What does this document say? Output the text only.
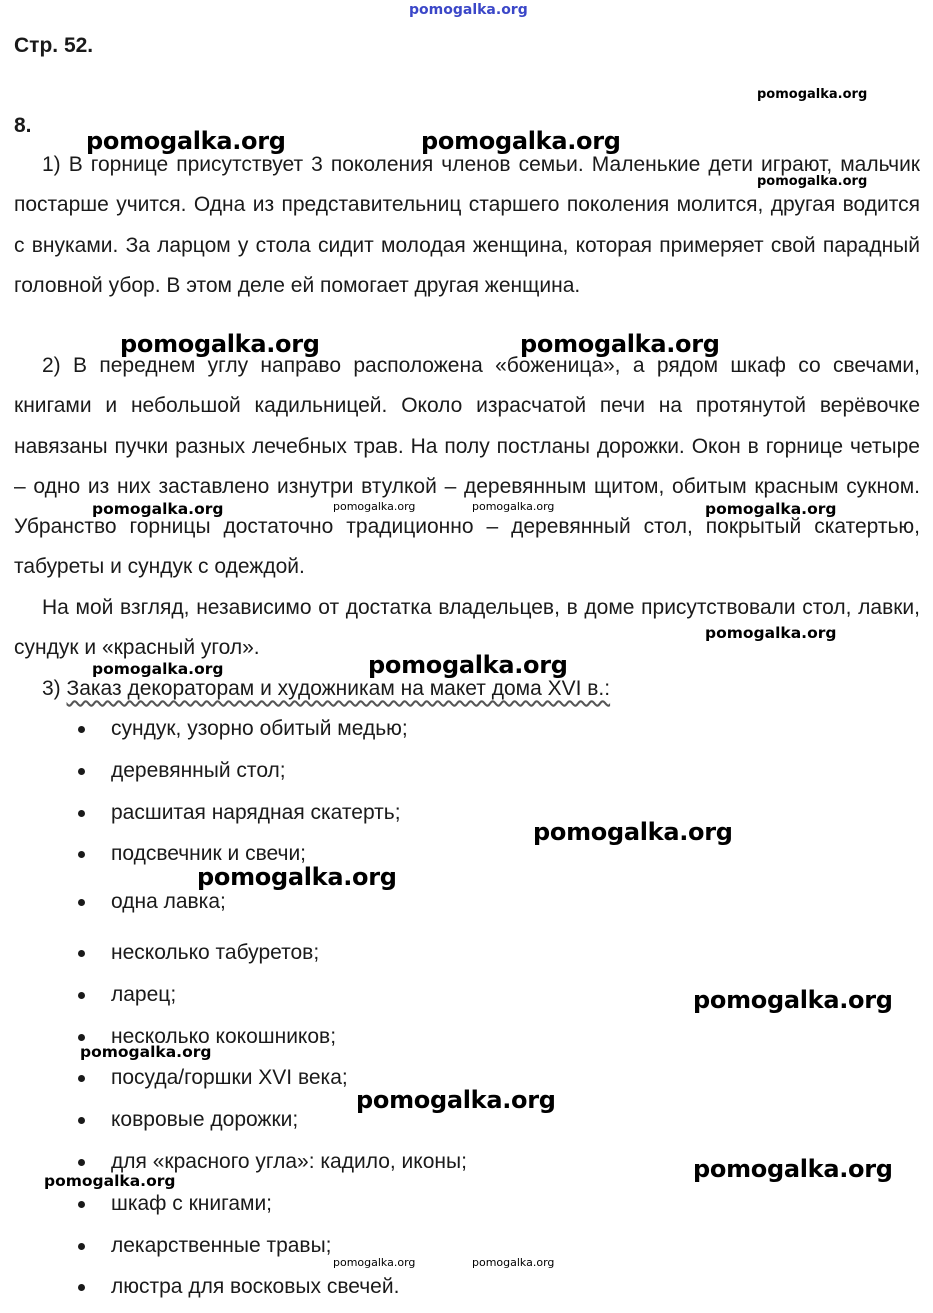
pomogalka.org
Стр. 52.
8.

1) В горнице присутствует 3 поколения членов семьи. Маленькие дети играют, мальчик постарше учится. Одна из представительниц старшего поколения молится, другая водится с внуками. За ларцом у стола сидит молодая женщина, которая примеряет свой парадный головной убор. В этом деле ей помогает другая женщина.

2) В переднем углу направо расположена «боженица», а рядом шкаф со свечами, книгами и небольшой кадильницей. Около израсчатой печи на протянутой верёвочке навязаны пучки разных лечебных трав. На полу постланы дорожки. Окон в горнице четыре – одно из них заставлено изнутри втулкой – деревянным щитом, обитым красным сукном. Убранство горницы достаточно традиционно – деревянный стол, покрытый скатертью, табуреты и сундук с одеждой.

На мой взгляд, независимо от достатка владельцев, в доме присутствовали стол, лавки, сундук и «красный угол».

3) Заказ декораторам и художникам на макет дома XVI в.:
сундук, узорно обитый медью;
деревянный стол;
расшитая нарядная скатерть;
подсвечник и свечи;
одна лавка;
несколько табуретов;
ларец;
несколько кокошников;
посуда/горшки XVI века;
ковровые дорожки;
для «красного угла»: кадило, иконы;
шкаф с книгами;
лекарственные травы;
люстра для восковых свечей.
pomogalka.org
pomogalka.org	pomogalka.org
pomogalka.org
pomogalka.org	pomogalka.org
pomogalka.org	pomogalka.org
pomogalka.org	pomogalka.org
pomogalka.org
pomogalka.org	pomogalka.org
pomogalka.org
pomogalka.org
pomogalka.org
pomogalka.org
pomogalka.org
pomogalka.org
pomogalka.org
pomogalka.org	pomogalka.org
